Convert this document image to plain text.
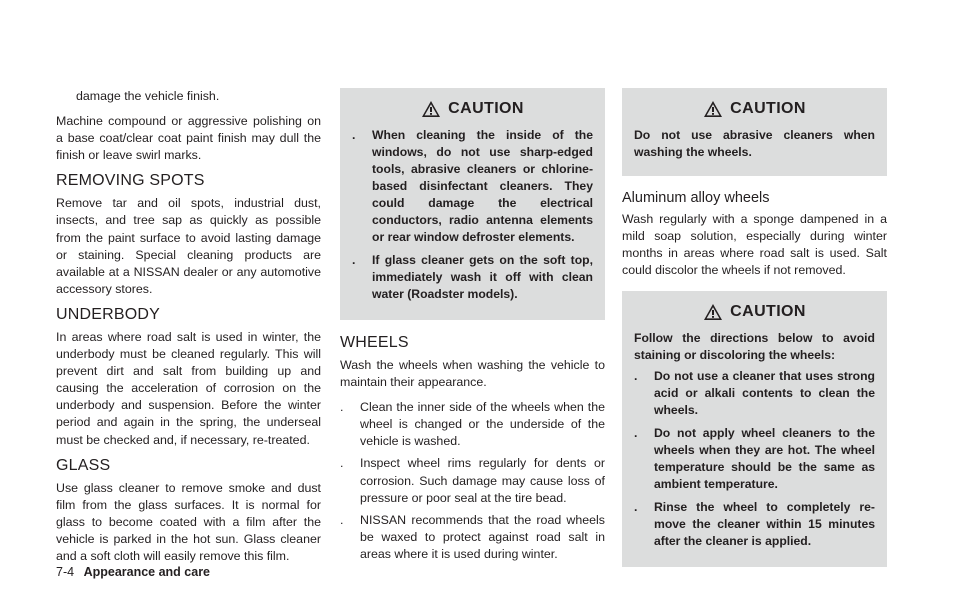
damage the vehicle finish.

Machine compound or aggressive polishing on a base coat/clear coat paint finish may dull the finish or leave swirl marks.

REMOVING SPOTS

Remove tar and oil spots, industrial dust, insects, and tree sap as quickly as possible from the paint surface to avoid lasting damage or staining. Special cleaning products are available at a NISSAN dealer or any automotive accessory stores.

UNDERBODY

In areas where road salt is used in winter, the underbody must be cleaned regularly. This will prevent dirt and salt from building up and causing the acceleration of corrosion on the underbody and suspension. Before the winter period and again in the spring, the underseal must be checked and, if necessary, re-treated.

GLASS

Use glass cleaner to remove smoke and dust film from the glass surfaces. It is normal for glass to become coated with a film after the vehicle is parked in the hot sun. Glass cleaner and a soft cloth will easily remove this film.

CAUTION
. When cleaning the inside of the windows, do not use sharp-edged tools, abrasive cleaners or chlorine-based disinfectant cleaners. They could damage the electrical conductors, radio antenna elements or rear window defroster elements.
. If glass cleaner gets on the soft top, immediately wash it off with clean water (Roadster models).
WHEELS

Wash the wheels when washing the vehicle to maintain their appearance.

. Clean the inner side of the wheels when the wheel is changed or the underside of the vehicle is washed.
. Inspect wheel rims regularly for dents or corrosion. Such damage may cause loss of pressure or poor seal at the tire bead.
. NISSAN recommends that the road wheels be waxed to protect against road salt in areas where it is used during winter.
CAUTION

Do not use abrasive cleaners when washing the wheels.

Aluminum alloy wheels

Wash regularly with a sponge dampened in a mild soap solution, especially during winter months in areas where road salt is used. Salt could discolor the wheels if not removed.

CAUTION

Follow the directions below to avoid staining or discoloring the wheels:

. Do not use a cleaner that uses strong acid or alkali contents to clean the wheels.
. Do not apply wheel cleaners to the wheels when they are hot. The wheel temperature should be the same as ambient temperature.
. Rinse the wheel to completely re-move the cleaner within 15 minutes after the cleaner is applied.
7-4 Appearance and care
